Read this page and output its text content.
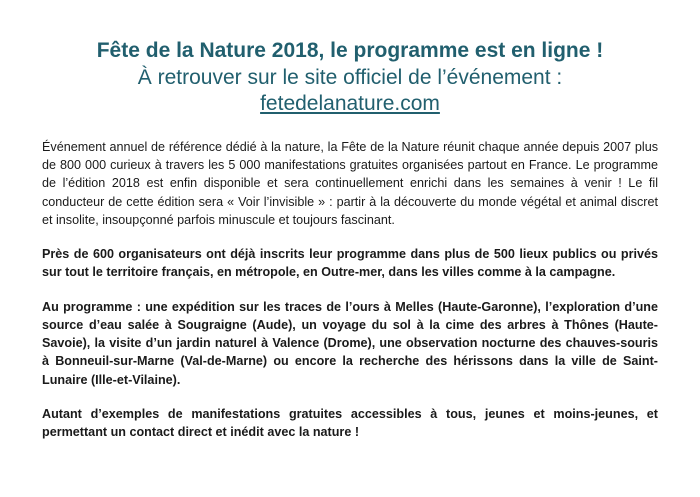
Fête de la Nature 2018, le programme est en ligne !
À retrouver sur le site officiel de l’événement :
fetedelanature.com

Événement annuel de référence dédié à la nature, la Fête de la Nature réunit chaque année depuis 2007 plus de 800 000 curieux à travers les 5 000 manifestations gratuites organisées partout en France. Le programme de l’édition 2018 est enfin disponible et sera continuellement enrichi dans les semaines à venir ! Le fil conducteur de cette édition sera « Voir l’invisible » : partir à la découverte du monde végétal et animal discret et insolite, insoupçonné parfois minuscule et toujours fascinant.

Près de 600 organisateurs ont déjà inscrits leur programme dans plus de 500 lieux publics ou privés sur tout le territoire français, en métropole, en Outre-mer, dans les villes comme à la campagne.

Au programme : une expédition sur les traces de l’ours à Melles (Haute-Garonne), l’exploration d’une source d’eau salée à Sougraigne (Aude), un voyage du sol à la cime des arbres à Thônes (Haute-Savoie), la visite d’un jardin naturel à Valence (Drome), une observation nocturne des chauves-souris à Bonneuil-sur-Marne (Val-de-Marne) ou encore la recherche des hérissons dans la ville de Saint-Lunaire (Ille-et-Vilaine).

Autant d’exemples de manifestations gratuites accessibles à tous, jeunes et moins-jeunes, et permettant un contact direct et inédit avec la nature !
